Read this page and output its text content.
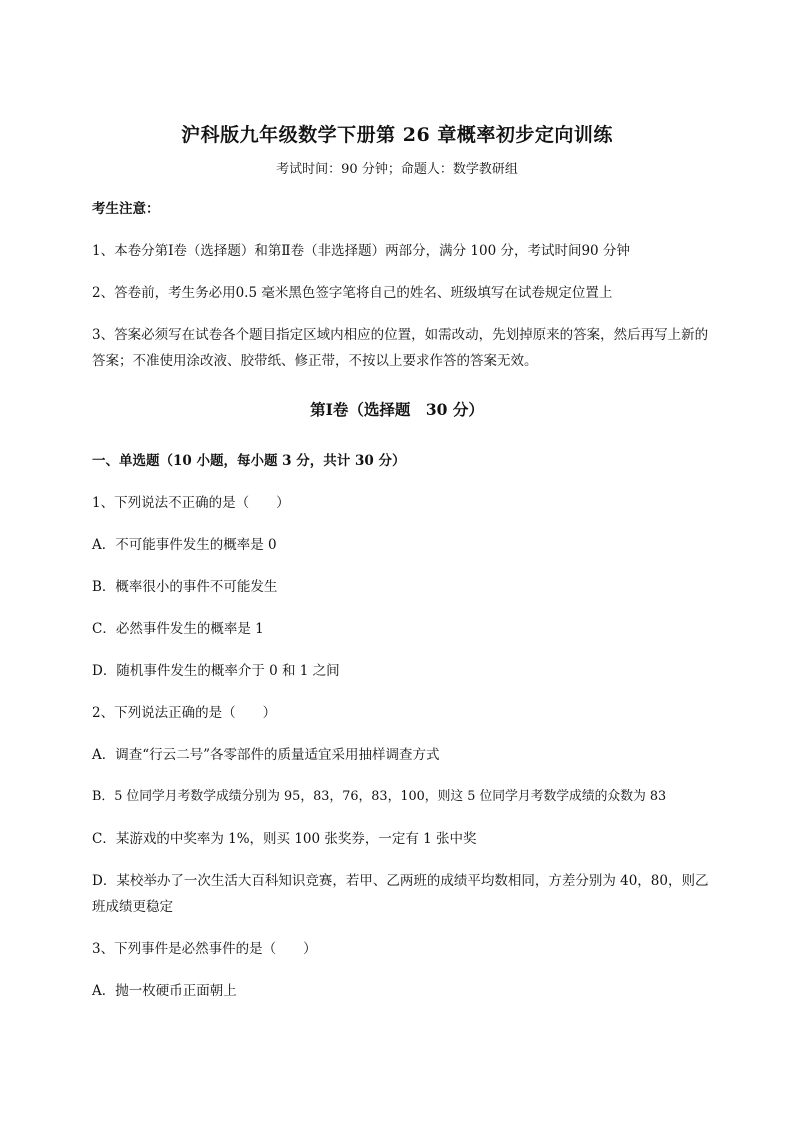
沪科版九年级数学下册第 26 章概率初步定向训练
考试时间：90 分钟；命题人：数学教研组
考生注意：
1、本卷分第Ⅰ卷（选择题）和第Ⅱ卷（非选择题）两部分，满分 100 分，考试时间90 分钟
2、答卷前，考生务必用0.5 毫米黑色签字笔将自己的姓名、班级填写在试卷规定位置上
3、答案必须写在试卷各个题目指定区域内相应的位置，如需改动，先划掉原来的答案，然后再写上新的答案；不准使用涂改液、胶带纸、修正带，不按以上要求作答的答案无效。
第Ⅰ卷（选择题　30 分）
一、单选题（10 小题，每小题 3 分，共计 30 分）
1、下列说法不正确的是（　　）
A．不可能事件发生的概率是 0
B．概率很小的事件不可能发生
C．必然事件发生的概率是 1
D．随机事件发生的概率介于 0 和 1 之间
2、下列说法正确的是（　　）
A．调查“行云二号”各零部件的质量适宜采用抽样调查方式
B．5 位同学月考数学成绩分别为 95，83，76，83，100，则这 5 位同学月考数学成绩的众数为 83
C．某游戏的中奖率为 1%，则买 100 张奖券，一定有 1 张中奖
D．某校举办了一次生活大百科知识竞赛，若甲、乙两班的成绩平均数相同，方差分别为 40，80，则乙班成绩更稳定
3、下列事件是必然事件的是（　　）
A．抛一枚硬币正面朝上
